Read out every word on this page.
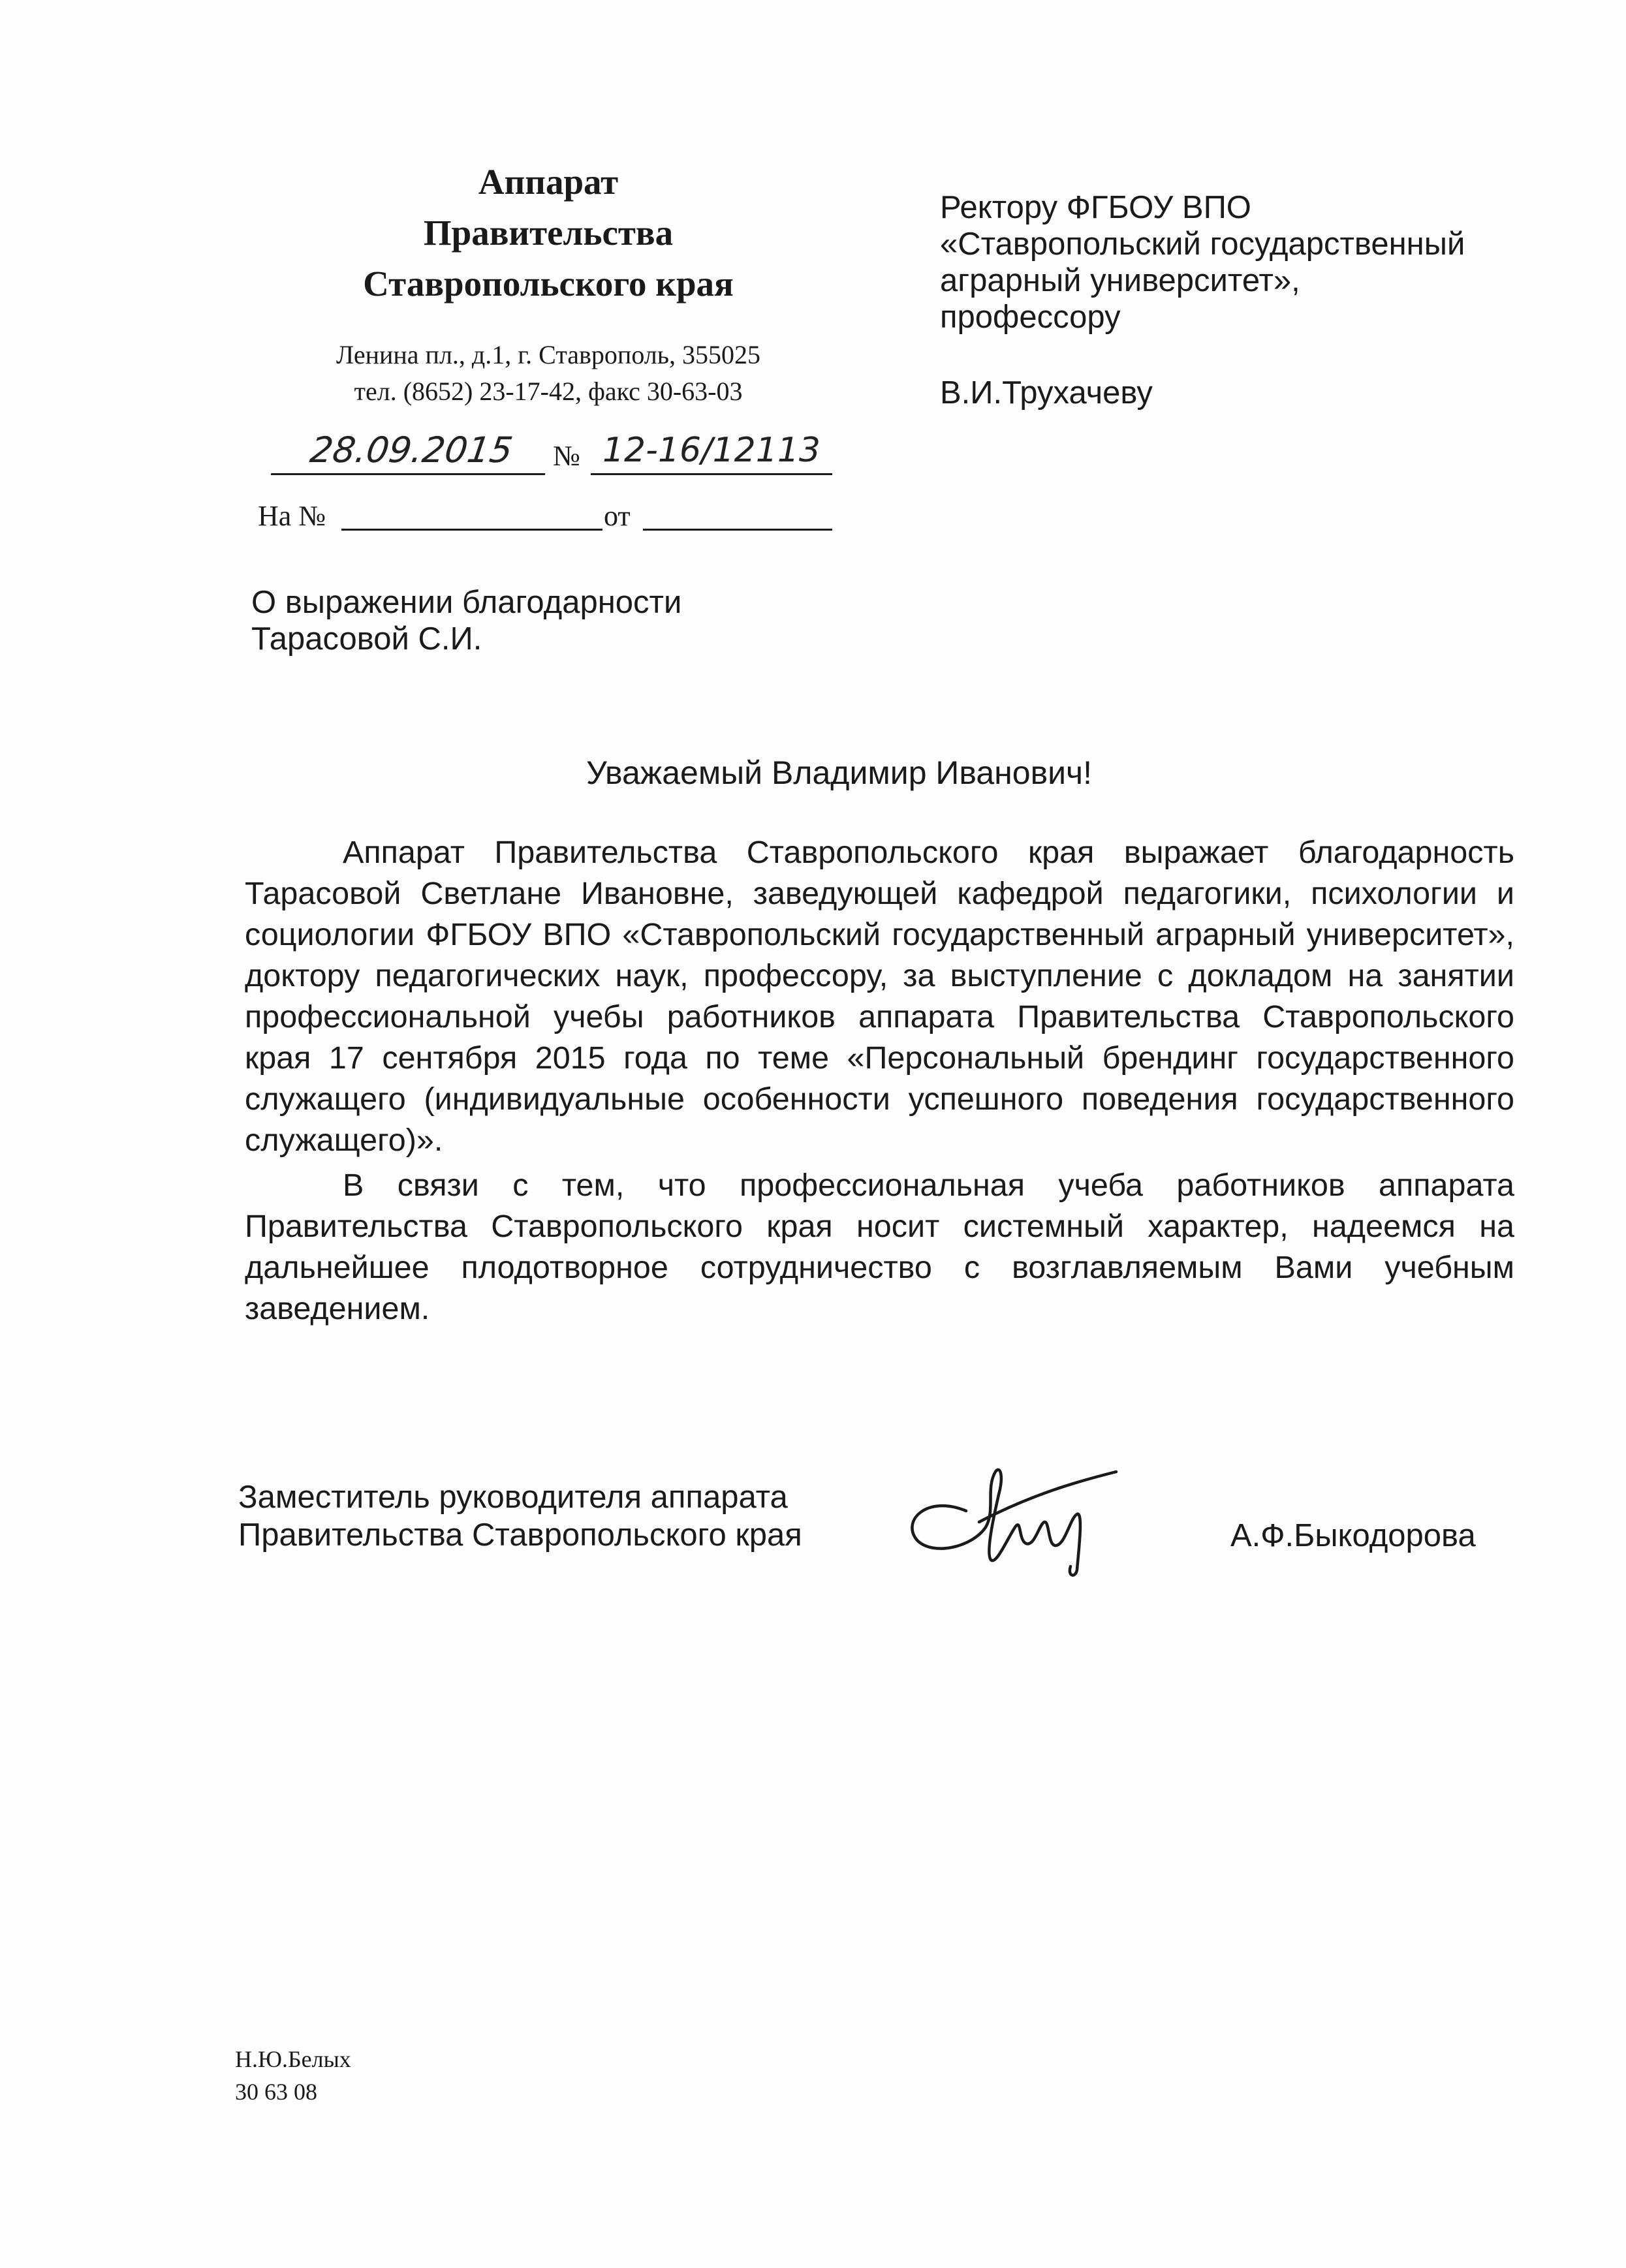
Аппарат
Правительства
Ставропольского края
Ленина пл., д.1, г. Ставрополь, 355025
тел. (8652) 23-17-42, факс 30-63-03
28.09.2015	№ 12-16/12113
На №	от
Ректору ФГБОУ ВПО
«Ставропольский государственный
аграрный университет»,
профессору
В.И.Трухачеву
О выражении благодарности
Тарасовой С.И.
Уважаемый Владимир Иванович!

Аппарат Правительства Ставропольского края выражает благодарность Тарасовой Светлане Ивановне, заведующей кафедрой педагогики, психологии и социологии ФГБОУ ВПО «Ставропольский государственный аграрный университет», доктору педагогических наук, профессору, за выступление с докладом на занятии профессиональной учебы работников аппарата Правительства Ставропольского края 17 сентября 2015 года по теме «Персональный брендинг государственного служащего (индивидуальные особенности успешного поведения государственного служащего)».

В связи с тем, что профессиональная учеба работников аппарата Правительства Ставропольского края носит системный характер, надеемся на дальнейшее плодотворное сотрудничество с возглавляемым Вами учебным заведением.

Заместитель руководителя аппарата
Правительства Ставропольского края	А.Ф.Быкодорова
Н.Ю.Белых
30 63 08
